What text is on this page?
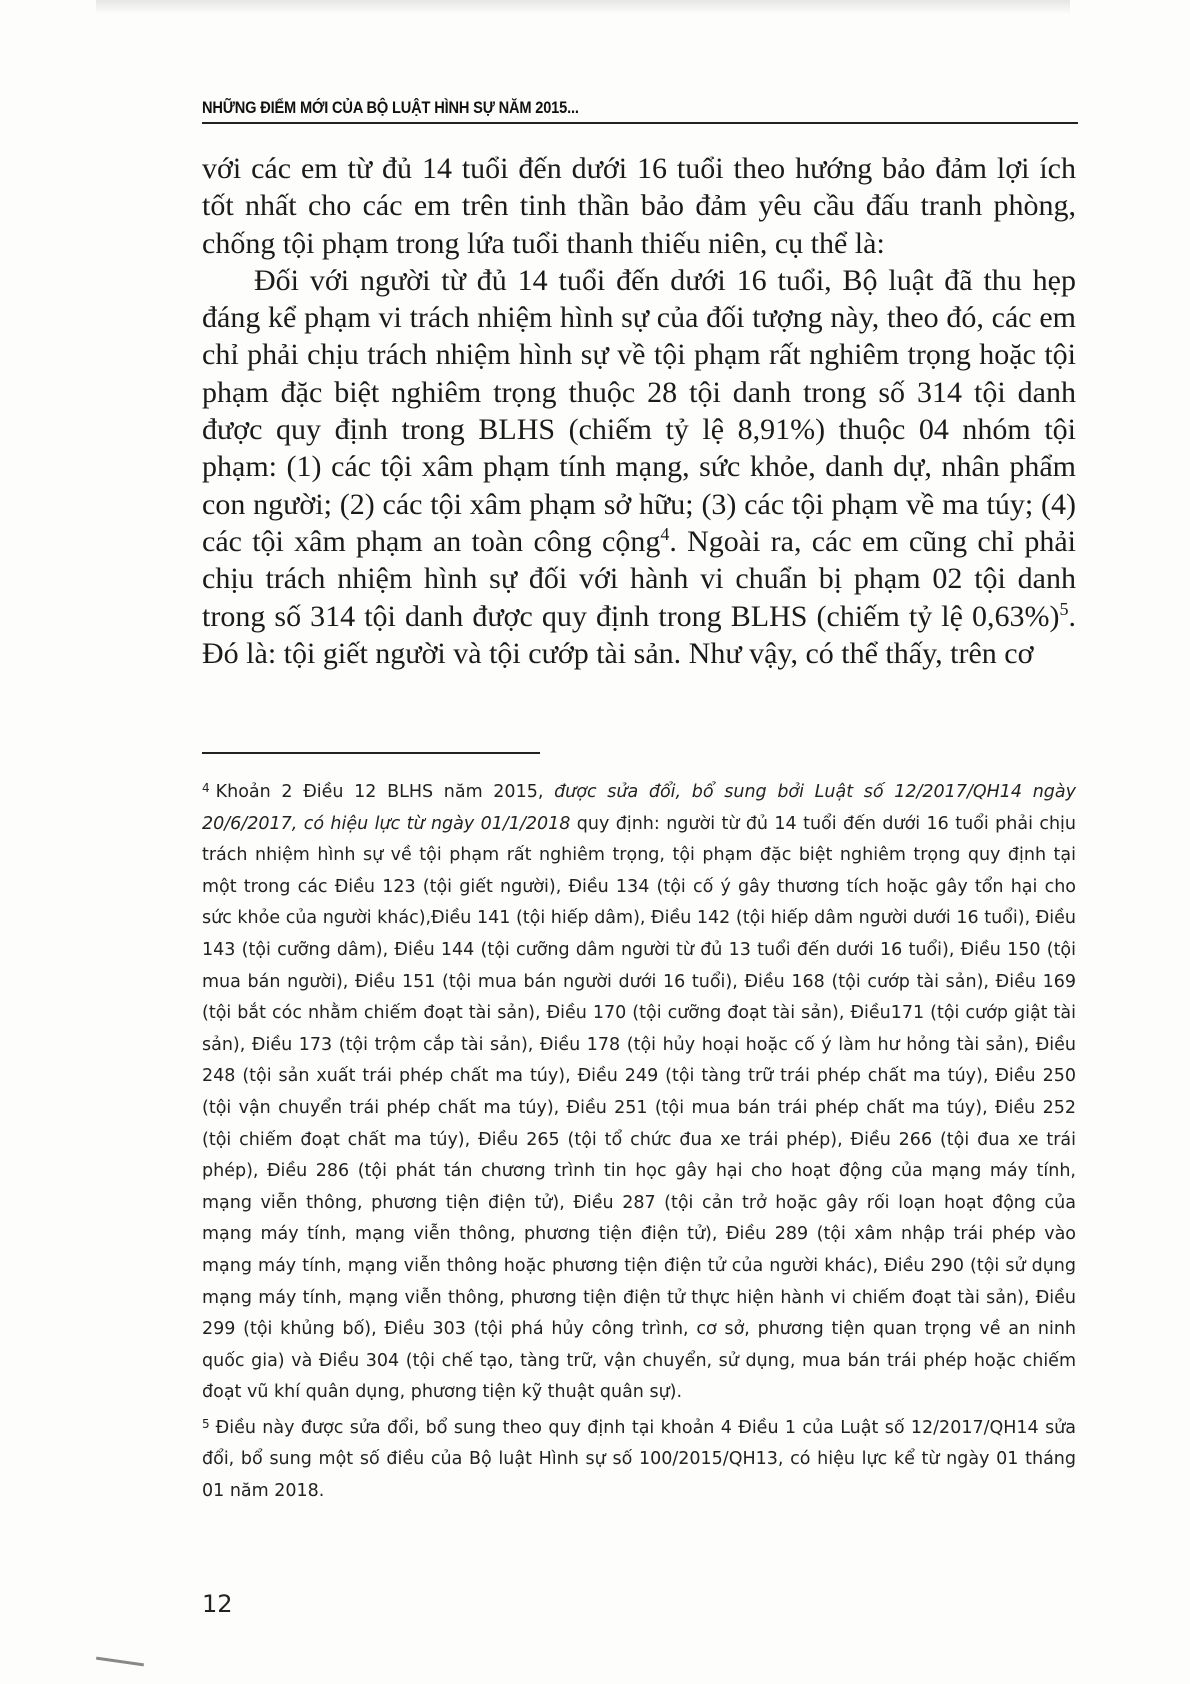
NHỮNG ĐIỂM MỚI CỦA BỘ LUẬT HÌNH SỰ NĂM 2015...

với các em từ đủ 14 tuổi đến dưới 16 tuổi theo hướng bảo đảm lợi ích tốt nhất cho các em trên tinh thần bảo đảm yêu cầu đấu tranh phòng, chống tội phạm trong lứa tuổi thanh thiếu niên, cụ thể là:

Đối với người từ đủ 14 tuổi đến dưới 16 tuổi, Bộ luật đã thu hẹp đáng kể phạm vi trách nhiệm hình sự của đối tượng này, theo đó, các em chỉ phải chịu trách nhiệm hình sự về tội phạm rất nghiêm trọng hoặc tội phạm đặc biệt nghiêm trọng thuộc 28 tội danh trong số 314 tội danh được quy định trong BLHS (chiếm tỷ lệ 8,91%) thuộc 04 nhóm tội phạm: (1) các tội xâm phạm tính mạng, sức khỏe, danh dự, nhân phẩm con người; (2) các tội xâm phạm sở hữu; (3) các tội phạm về ma túy; (4) các tội xâm phạm an toàn công cộng$^4$. Ngoài ra, các em cũng chỉ phải chịu trách nhiệm hình sự đối với hành vi chuẩn bị phạm 02 tội danh trong số 314 tội danh được quy định trong BLHS (chiếm tỷ lệ 0,63%)$^5$. Đó là: tội giết người và tội cướp tài sản. Như vậy, có thể thấy, trên cơ

$^4$ Khoản 2 Điều 12 BLHS năm 2015, được sửa đổi, bổ sung bởi Luật số 12/2017/QH14 ngày 20/6/2017, có hiệu lực từ ngày 01/1/2018 quy định: người từ đủ 14 tuổi đến dưới 16 tuổi phải chịu trách nhiệm hình sự về tội phạm rất nghiêm trọng, tội phạm đặc biệt nghiêm trọng quy định tại một trong các Điều 123 (tội giết người), Điều 134 (tội cố ý gây thương tích hoặc gây tổn hại cho sức khỏe của người khác),Điều 141 (tội hiếp dâm), Điều 142 (tội hiếp dâm người dưới 16 tuổi), Điều 143 (tội cưỡng dâm), Điều 144 (tội cưỡng dâm người từ đủ 13 tuổi đến dưới 16 tuổi), Điều 150 (tội mua bán người), Điều 151 (tội mua bán người dưới 16 tuổi), Điều 168 (tội cướp tài sản), Điều 169 (tội bắt cóc nhằm chiếm đoạt tài sản), Điều 170 (tội cưỡng đoạt tài sản), Điều171 (tội cướp giật tài sản), Điều 173 (tội trộm cắp tài sản), Điều 178 (tội hủy hoại hoặc cố ý làm hư hỏng tài sản), Điều 248 (tội sản xuất trái phép chất ma túy), Điều 249 (tội tàng trữ trái phép chất ma túy), Điều 250 (tội vận chuyển trái phép chất ma túy), Điều 251 (tội mua bán trái phép chất ma túy), Điều 252 (tội chiếm đoạt chất ma túy), Điều 265 (tội tổ chức đua xe trái phép), Điều 266 (tội đua xe trái phép), Điều 286 (tội phát tán chương trình tin học gây hại cho hoạt động của mạng máy tính, mạng viễn thông, phương tiện điện tử), Điều 287 (tội cản trở hoặc gây rối loạn hoạt động của mạng máy tính, mạng viễn thông, phương tiện điện tử), Điều 289 (tội xâm nhập trái phép vào mạng máy tính, mạng viễn thông hoặc phương tiện điện tử của người khác), Điều 290 (tội sử dụng mạng máy tính, mạng viễn thông, phương tiện điện tử thực hiện hành vi chiếm đoạt tài sản), Điều 299 (tội khủng bố), Điều 303 (tội phá hủy công trình, cơ sở, phương tiện quan trọng về an ninh quốc gia) và Điều 304 (tội chế tạo, tàng trữ, vận chuyển, sử dụng, mua bán trái phép hoặc chiếm đoạt vũ khí quân dụng, phương tiện kỹ thuật quân sự).

$^5$ Điều này được sửa đổi, bổ sung theo quy định tại khoản 4 Điều 1 của Luật số 12/2017/QH14 sửa đổi, bổ sung một số điều của Bộ luật Hình sự số 100/2015/QH13, có hiệu lực kể từ ngày 01 tháng 01 năm 2018.

12
